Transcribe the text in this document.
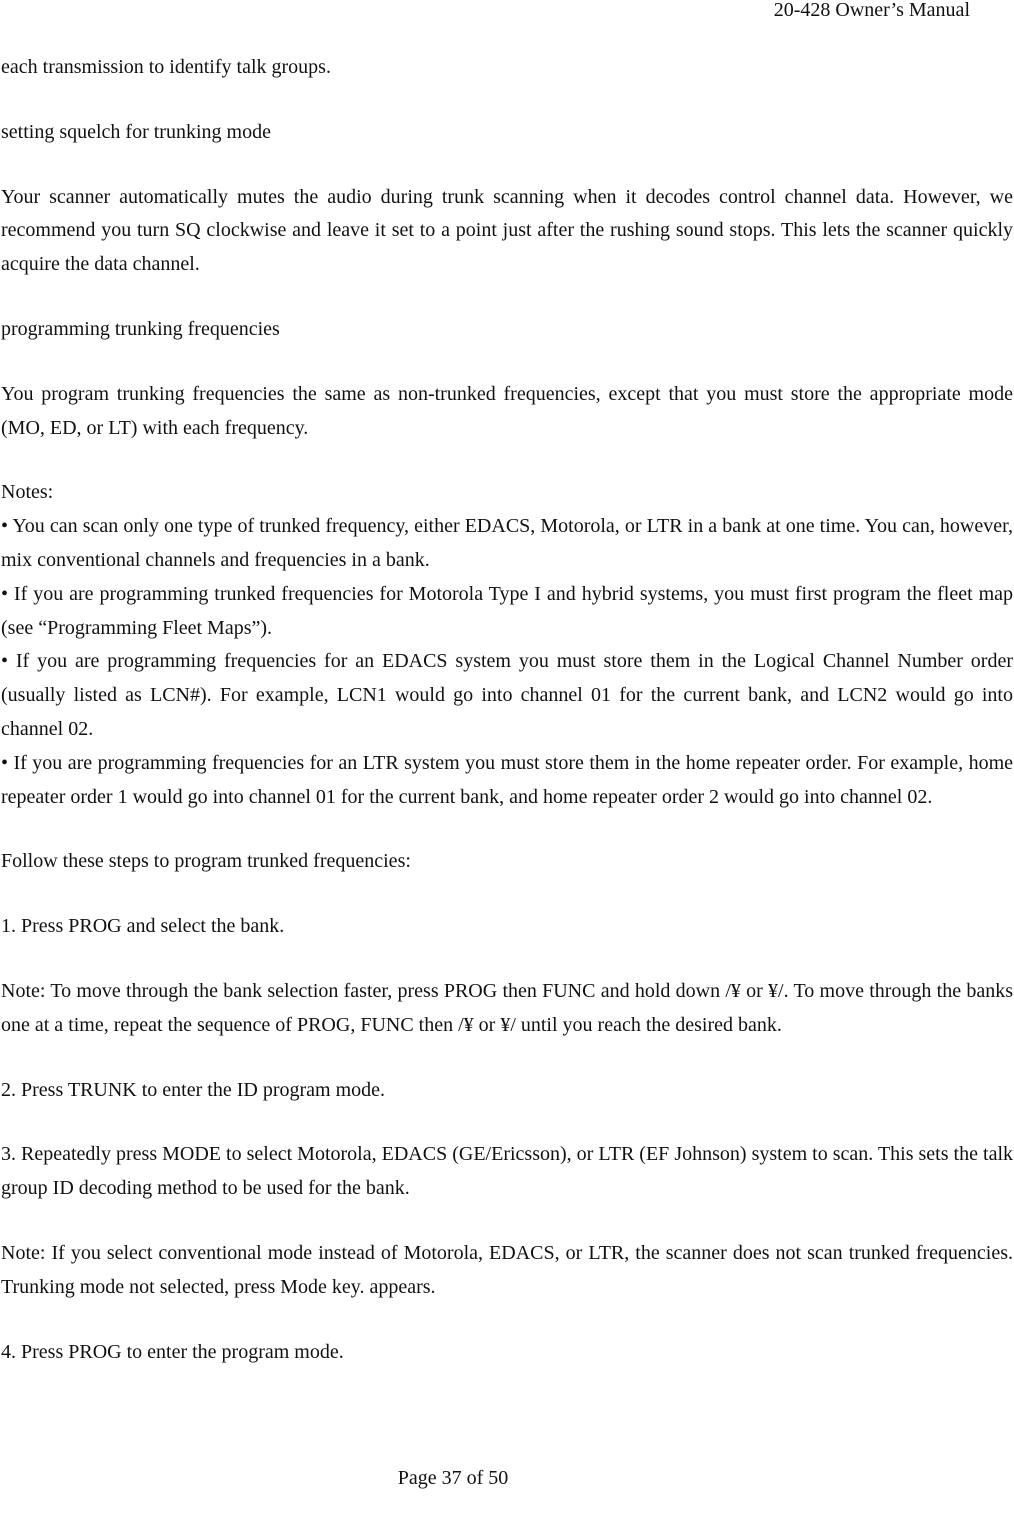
20-428 Owner’s Manual

each transmission to identify talk groups.

setting squelch for trunking mode

Your scanner automatically mutes the audio during trunk scanning when it decodes control channel data. However, we recommend you turn SQ clockwise and leave it set to a point just after the rushing sound stops. This lets the scanner quickly acquire the data channel.

programming trunking frequencies

You program trunking frequencies the same as non-trunked frequencies, except that you must store the appropriate mode (MO, ED, or LT) with each frequency.

Notes:

• You can scan only one type of trunked frequency, either EDACS, Motorola, or LTR in a bank at one time. You can, however, mix conventional channels and frequencies in a bank.

• If you are programming trunked frequencies for Motorola Type I and hybrid systems, you must first program the fleet map (see “Programming Fleet Maps”).

• If you are programming frequencies for an EDACS system you must store them in the Logical Channel Number order (usually listed as LCN#). For example, LCN1 would go into channel 01 for the current bank, and LCN2 would go into channel 02.

• If you are programming frequencies for an LTR system you must store them in the home repeater order. For example, home repeater order 1 would go into channel 01 for the current bank, and home repeater order 2 would go into channel 02.

Follow these steps to program trunked frequencies:

1. Press PROG and select the bank.

Note: To move through the bank selection faster, press PROG then FUNC and hold down /¥ or ¥/. To move through the banks one at a time, repeat the sequence of PROG, FUNC then /¥ or ¥/ until you reach the desired bank.

2. Press TRUNK to enter the ID program mode.

3. Repeatedly press MODE to select Motorola, EDACS (GE/Ericsson), or LTR (EF Johnson) system to scan. This sets the talk group ID decoding method to be used for the bank.

Note: If you select conventional mode instead of Motorola, EDACS, or LTR, the scanner does not scan trunked frequencies. Trunking mode not selected, press Mode key. appears.

4. Press PROG to enter the program mode.

Page 37 of 50
